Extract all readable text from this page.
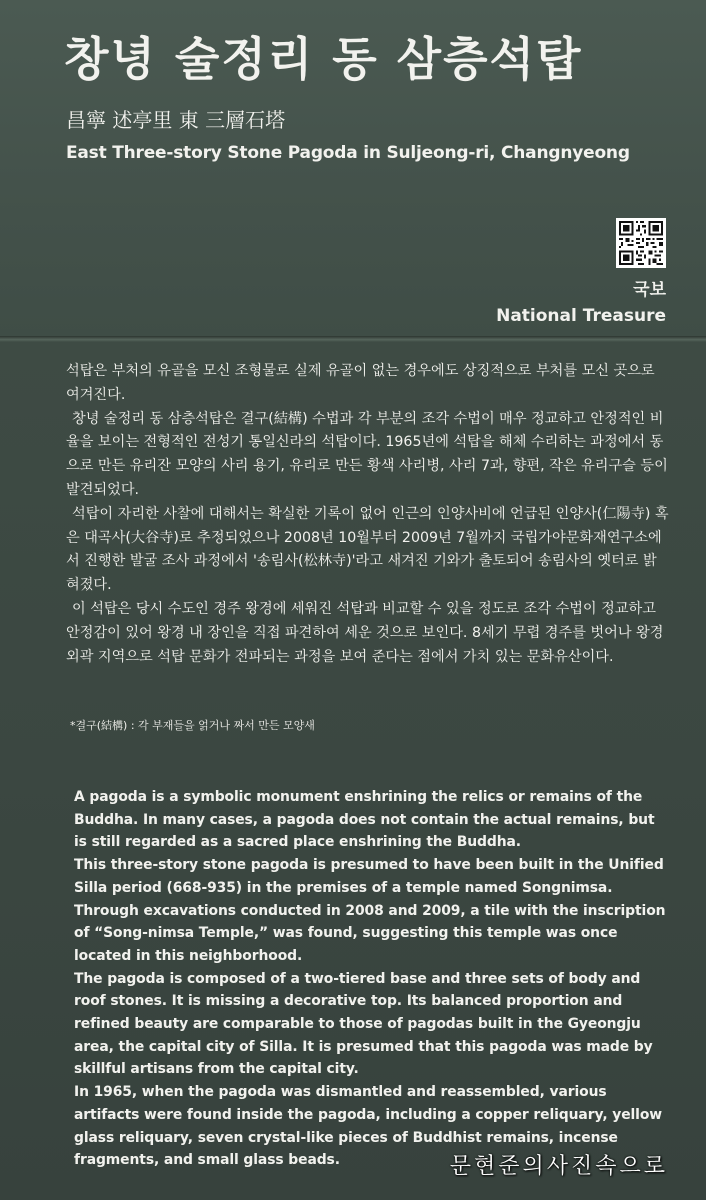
창녕 술정리 동 삼층석탑
昌寧 述亭里 東 三層石塔
East Three-story Stone Pagoda in Suljeong-ri, Changnyeong
국보
National Treasure

석탑은 부처의 유골을 모신 조형물로 실제 유골이 없는 경우에도 상징적으로 부처를 모신 곳으로 여겨진다.

창녕 술정리 동 삼층석탑은 결구(結構) 수법과 각 부분의 조각 수법이 매우 정교하고 안정적인 비율을 보이는 전형적인 전성기 통일신라의 석탑이다. 1965년에 석탑을 해체 수리하는 과정에서 동으로 만든 유리잔 모양의 사리 용기, 유리로 만든 황색 사리병, 사리 7과, 향편, 작은 유리구슬 등이 발견되었다.

석탑이 자리한 사찰에 대해서는 확실한 기록이 없어 인근의 인양사비에 언급된 인양사(仁陽寺) 혹은 대곡사(大谷寺)로 추정되었으나 2008년 10월부터 2009년 7월까지 국립가야문화재연구소에서 진행한 발굴 조사 과정에서 '송림사(松林寺)'라고 새겨진 기와가 출토되어 송림사의 옛터로 밝혀졌다.

이 석탑은 당시 수도인 경주 왕경에 세워진 석탑과 비교할 수 있을 정도로 조각 수법이 정교하고 안정감이 있어 왕경 내 장인을 직접 파견하여 세운 것으로 보인다. 8세기 무렵 경주를 벗어나 왕경 외곽 지역으로 석탑 문화가 전파되는 과정을 보여 준다는 점에서 가치 있는 문화유산이다.

*결구(結構) : 각 부재들을 얽거나 짜서 만든 모양새

A pagoda is a symbolic monument enshrining the relics or remains of the Buddha. In many cases, a pagoda does not contain the actual remains, but is still regarded as a sacred place enshrining the Buddha.

This three-story stone pagoda is presumed to have been built in the Unified Silla period (668-935) in the premises of a temple named Songnimsa. Through excavations conducted in 2008 and 2009, a tile with the inscription of “Song-nimsa Temple,” was found, suggesting this temple was once located in this neighborhood.

The pagoda is composed of a two-tiered base and three sets of body and roof stones. It is missing a decorative top. Its balanced proportion and refined beauty are comparable to those of pagodas built in the Gyeongju area, the capital city of Silla. It is presumed that this pagoda was made by skillful artisans from the capital city.

In 1965, when the pagoda was dismantled and reassembled, various artifacts were found inside the pagoda, including a copper reliquary, yellow glass reliquary, seven crystal-like pieces of Buddhist remains, incense fragments, and small glass beads.	문현준의사진속으로
